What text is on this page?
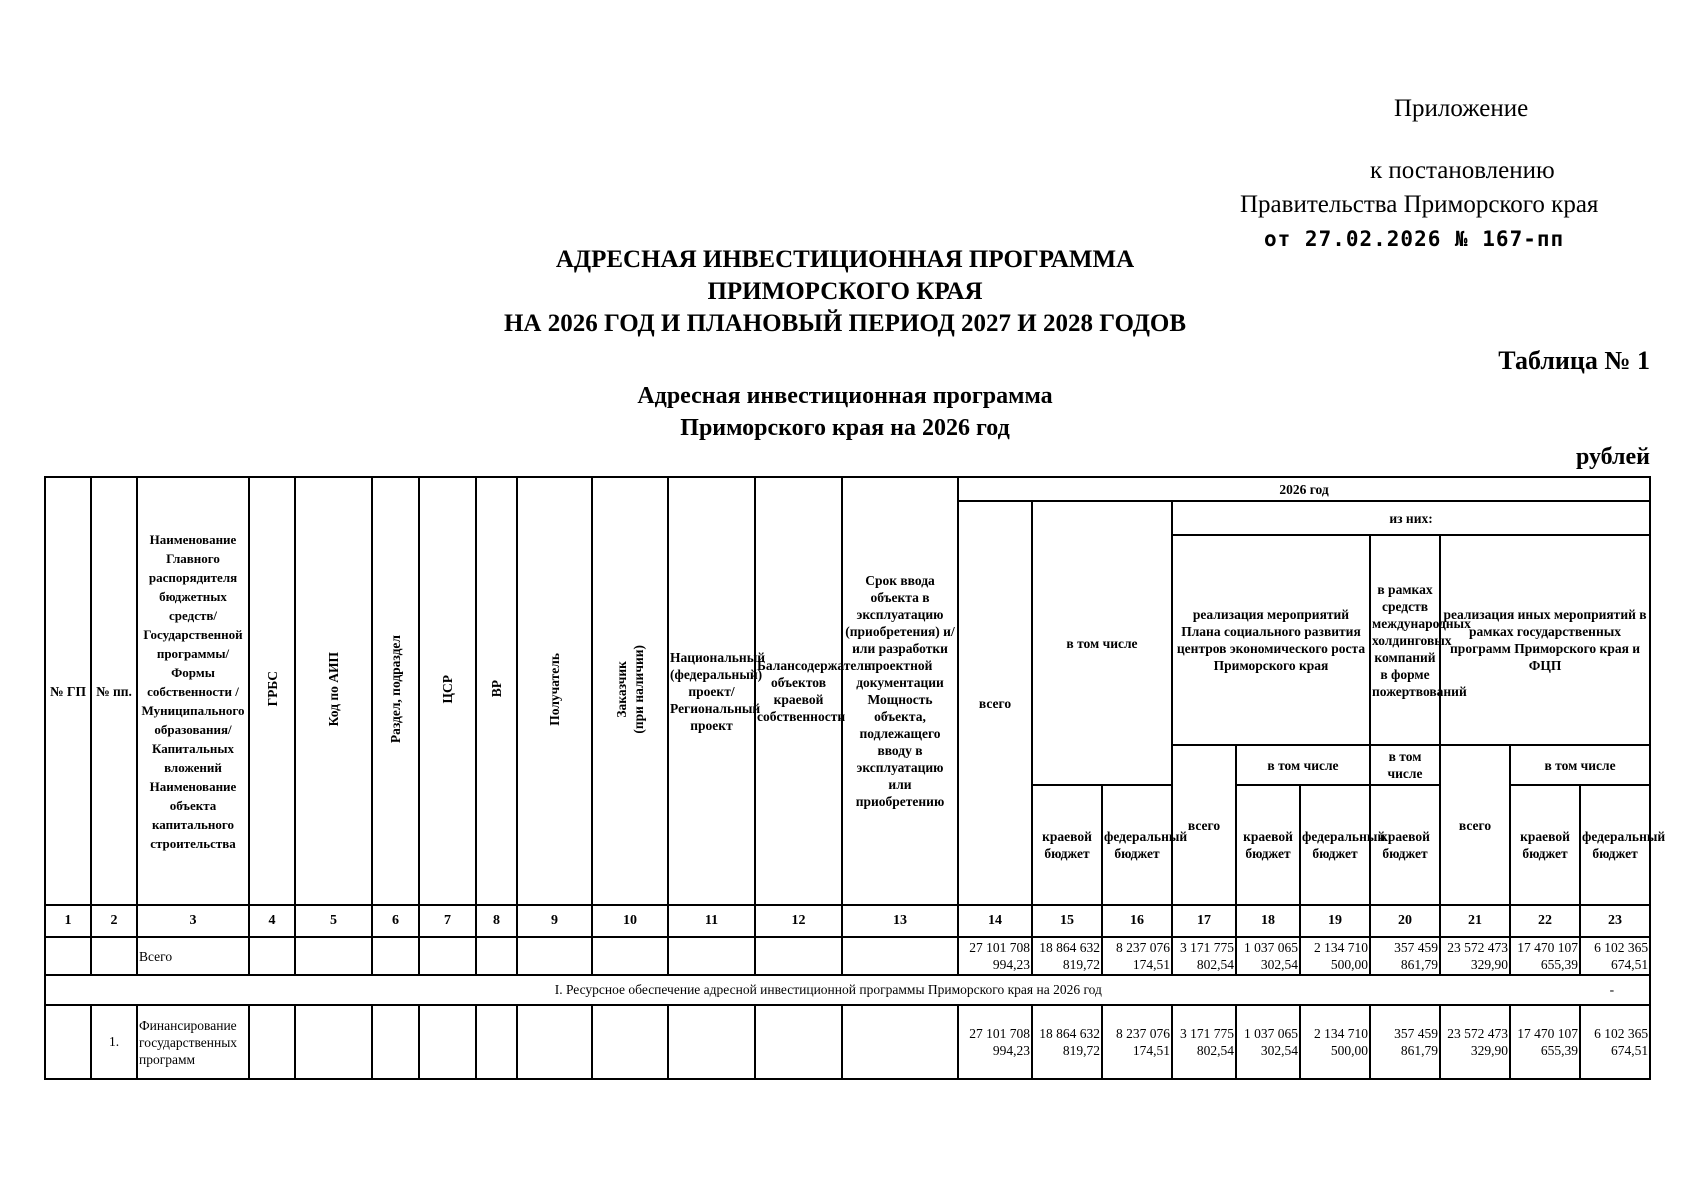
Приложение
к постановлению
Правительства Приморского края
от 27.02.2026 № 167-пп
АДРЕСНАЯ ИНВЕСТИЦИОННАЯ ПРОГРАММА
ПРИМОРСКОГО КРАЯ
НА 2026 ГОД И ПЛАНОВЫЙ ПЕРИОД 2027 И 2028 ГОДОВ
Таблица № 1
Адресная инвестиционная программа
Приморского края на 2026 год
рублей
№ ГП	№ пп.	Наименование Главного распорядителя бюджетных средств/Государственной программы/ Формы собственности /Муниципального образования/Капитальных вложений Наименование объекта капитального строительства	ГРБС	Код по АИП	Раздел, подраздел	ЦСР	ВР	Получатель	Заказчик (при наличии)	Национальный (федеральный) проект/ Региональный проект	Балансодержатель объектов краевой собственности	Срок ввода объекта в эксплуатацию (приобретения) и/или разработки проектной документации Мощность объекта, подлежащего вводу в эксплуатацию или приобретению	2026 год									
													всего	в том числе		из них:						
																реализация мероприятий Плана социального развития центров экономического роста Приморского края			в рамках средств международных холдинговых компаний в форме пожертвований	реализация иных мероприятий в рамках государственных программ Приморского края и ФЦП		
																всего	в том числе		в том числе	всего	в том числе	

														краевой бюджет	федеральный бюджет		краевой бюджет	федеральный бюджет	краевой бюджет		краевой бюджет	федеральный бюджет
1	2	3	4	5	6	7	8	9	10	11	12	13	14	15	16	17	18	19	20	21	22	23
		Всего											27 101 708 994,23	18 864 632 819,72	8 237 076 174,51	3 171 775 802,54	1 037 065 302,54	2 134 710 500,00	357 459 861,79	23 572 473 329,90	17 470 107 655,39	6 102 365 674,51
I. Ресурсное обеспечение адресной инвестиционной программы Приморского края на 2026 год -																						

	1.	Финансирование государственных программ											27 101 708 994,23	18 864 632 819,72	8 237 076 174,51	3 171 775 802,54	1 037 065 302,54	2 134 710 500,00	357 459 861,79	23 572 473 329,90	17 470 107 655,39	6 102 365 674,51
